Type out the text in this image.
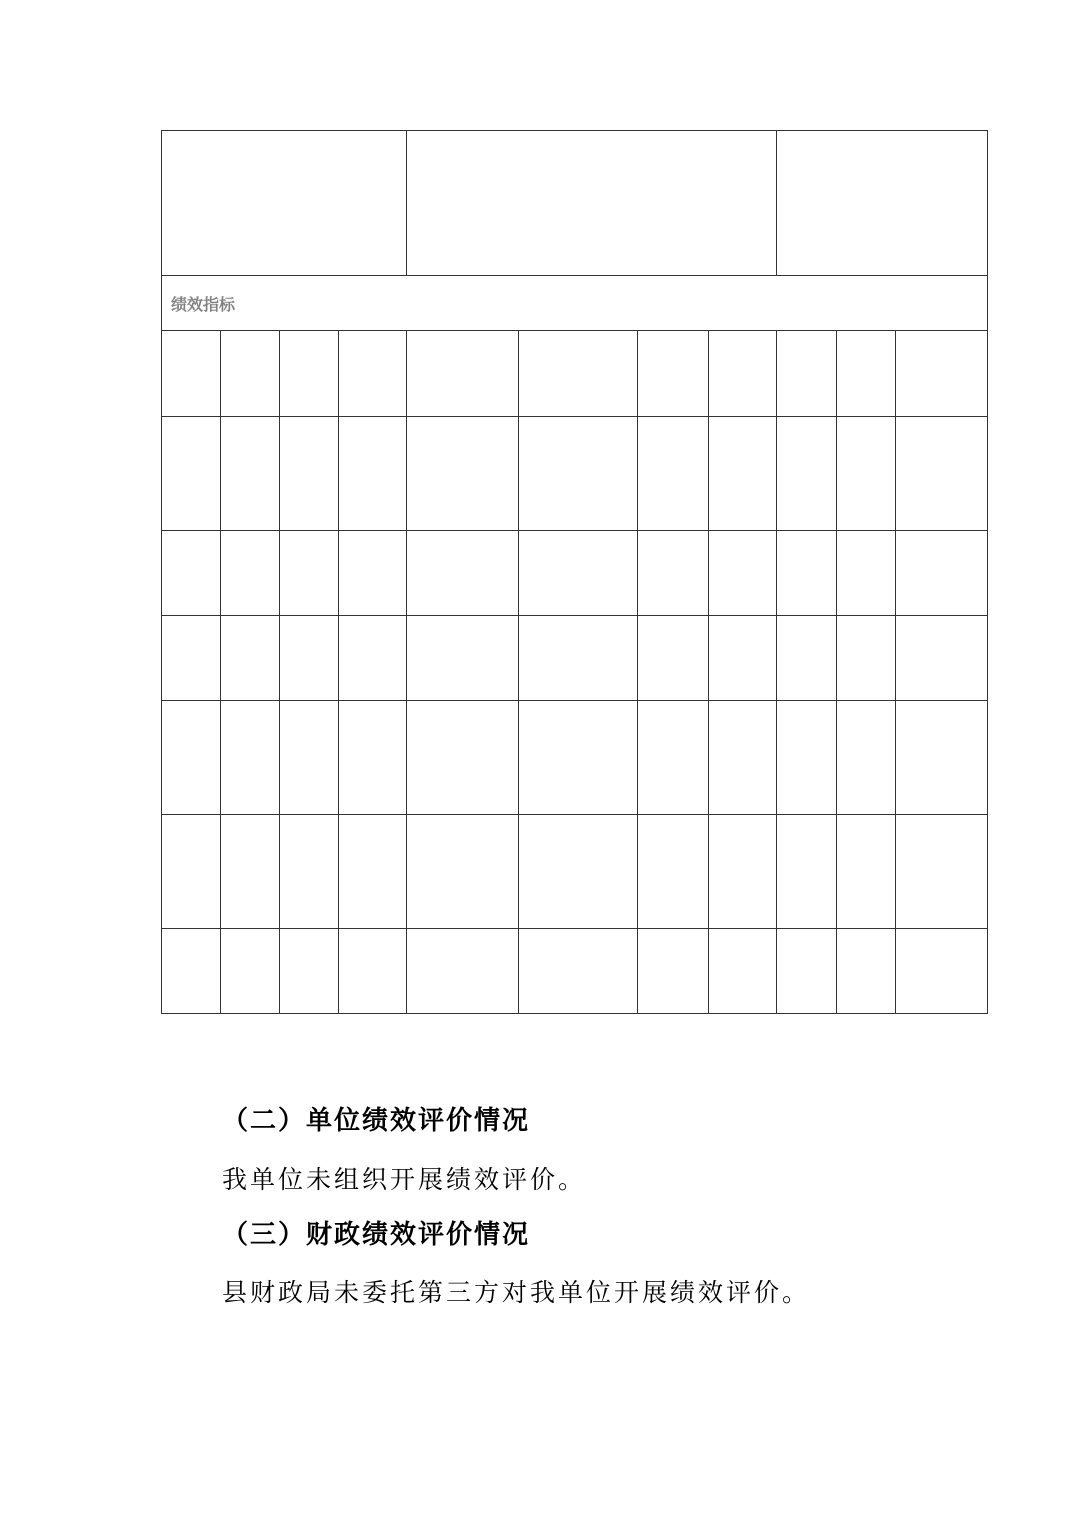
绩效指标
（二）单位绩效评价情况
我单位未组织开展绩效评价。
（三）财政绩效评价情况
县财政局未委托第三方对我单位开展绩效评价。
